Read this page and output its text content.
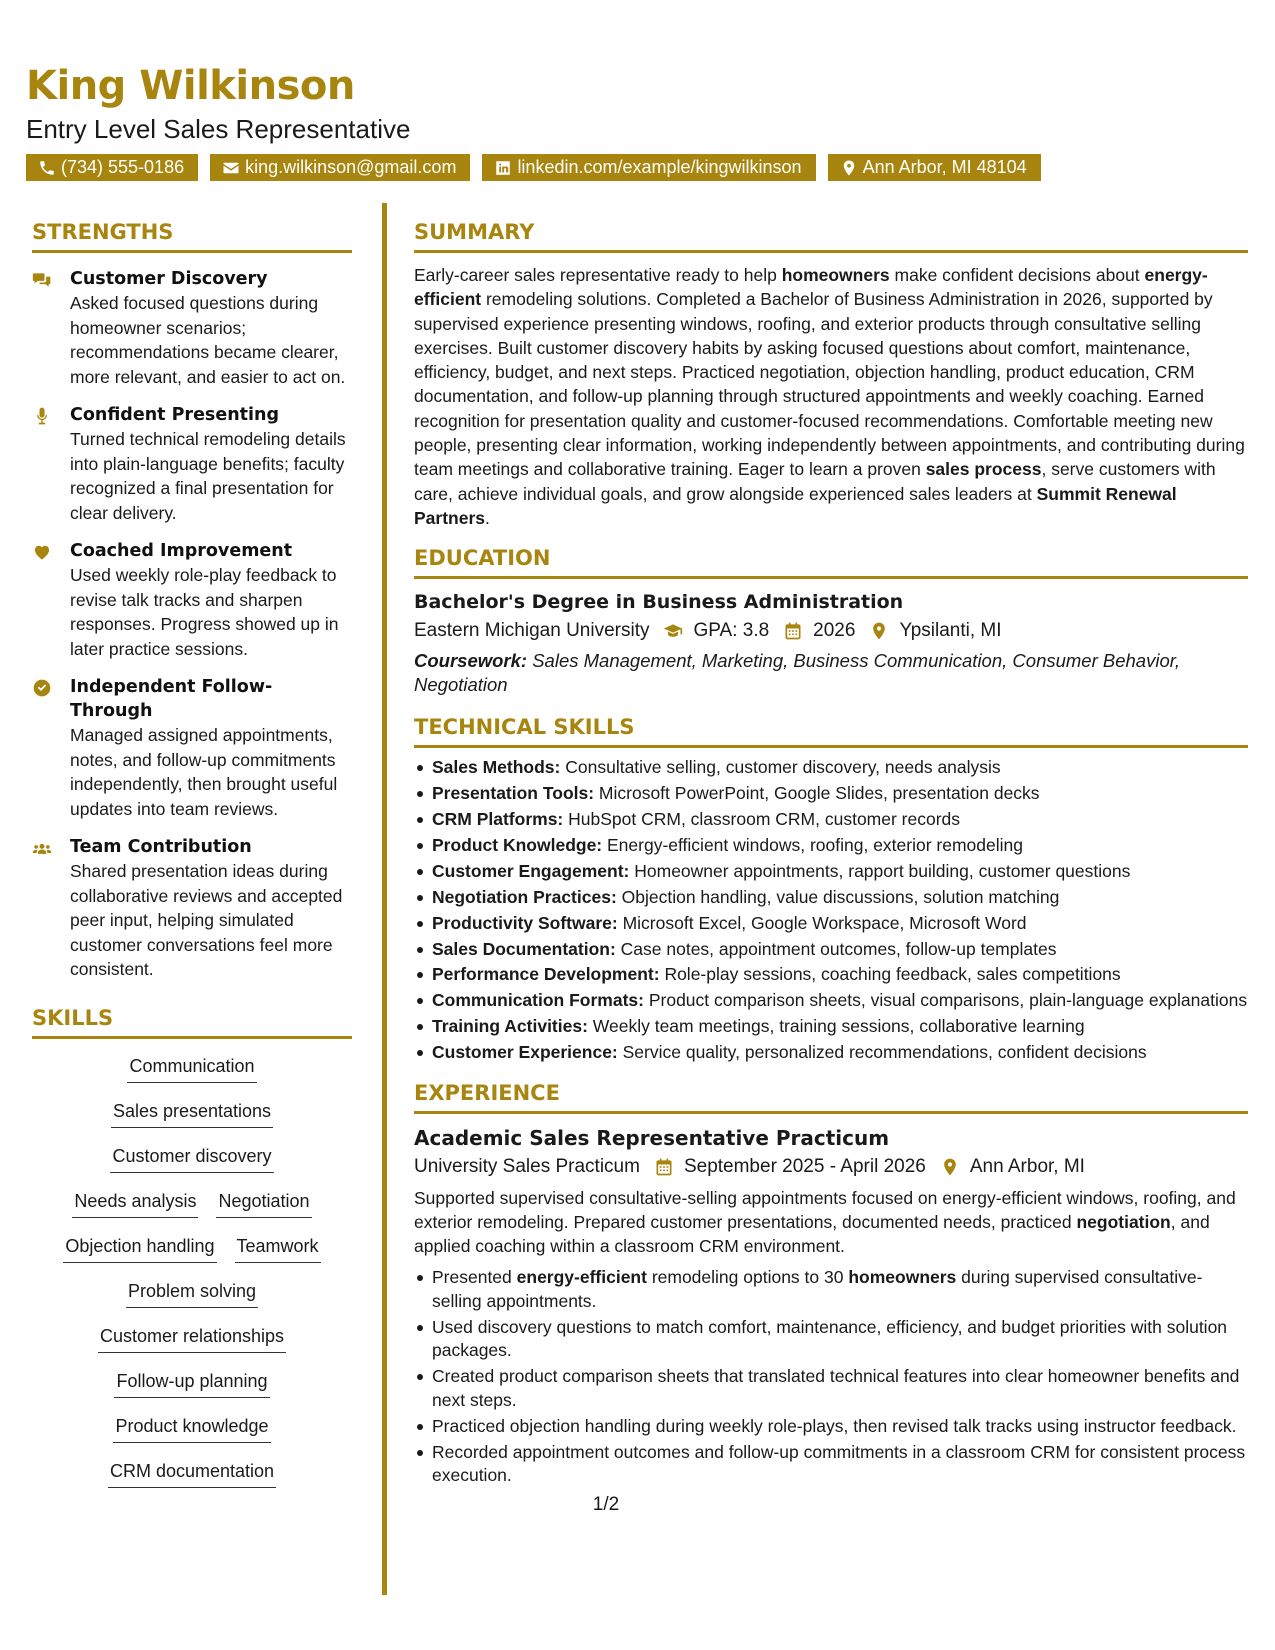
King Wilkinson
Entry Level Sales Representative
(734) 555-0186	king.wilkinson@gmail.com	linkedin.com/example/kingwilkinson	Ann Arbor, MI 48104
STRENGTHS
Customer Discovery
Asked focused questions during homeowner scenarios; recommendations became clearer, more relevant, and easier to act on.
Confident Presenting
Turned technical remodeling details into plain-language benefits; faculty recognized a final presentation for clear delivery.
Coached Improvement
Used weekly role-play feedback to revise talk tracks and sharpen responses. Progress showed up in later practice sessions.
Independent Follow-Through
Managed assigned appointments, notes, and follow-up commitments independently, then brought useful updates into team reviews.
Team Contribution
Shared presentation ideas during collaborative reviews and accepted peer input, helping simulated customer conversations feel more consistent.
SKILLS
Communication
Sales presentations
Customer discovery
Needs analysis Negotiation
Objection handling Teamwork
Problem solving
Customer relationships
Follow-up planning
Product knowledge
CRM documentation
SUMMARY
Early-career sales representative ready to help homeowners make confident decisions about energy-efficient remodeling solutions. Completed a Bachelor of Business Administration in 2026, supported by supervised experience presenting windows, roofing, and exterior products through consultative selling exercises. Built customer discovery habits by asking focused questions about comfort, maintenance, efficiency, budget, and next steps. Practiced negotiation, objection handling, product education, CRM documentation, and follow-up planning through structured appointments and weekly coaching. Earned recognition for presentation quality and customer-focused recommendations. Comfortable meeting new people, presenting clear information, working independently between appointments, and contributing during team meetings and collaborative training. Eager to learn a proven sales process, serve customers with care, achieve individual goals, and grow alongside experienced sales leaders at Summit Renewal Partners.
EDUCATION
Bachelor's Degree in Business Administration
Eastern Michigan University GPA: 3.8 2026 Ypsilanti, MI
Coursework: Sales Management, Marketing, Business Communication, Consumer Behavior, Negotiation
TECHNICAL SKILLS
Sales Methods: Consultative selling, customer discovery, needs analysis
Presentation Tools: Microsoft PowerPoint, Google Slides, presentation decks
CRM Platforms: HubSpot CRM, classroom CRM, customer records
Product Knowledge: Energy-efficient windows, roofing, exterior remodeling
Customer Engagement: Homeowner appointments, rapport building, customer questions
Negotiation Practices: Objection handling, value discussions, solution matching
Productivity Software: Microsoft Excel, Google Workspace, Microsoft Word
Sales Documentation: Case notes, appointment outcomes, follow-up templates
Performance Development: Role-play sessions, coaching feedback, sales competitions
Communication Formats: Product comparison sheets, visual comparisons, plain-language explanations
Training Activities: Weekly team meetings, training sessions, collaborative learning
Customer Experience: Service quality, personalized recommendations, confident decisions
EXPERIENCE
Academic Sales Representative Practicum
University Sales Practicum September 2025 - April 2026 Ann Arbor, MI
Supported supervised consultative-selling appointments focused on energy-efficient windows, roofing, and exterior remodeling. Prepared customer presentations, documented needs, practiced negotiation, and applied coaching within a classroom CRM environment.
Presented energy-efficient remodeling options to 30 homeowners during supervised consultative-selling appointments.
Used discovery questions to match comfort, maintenance, efficiency, and budget priorities with solution packages.
Created product comparison sheets that translated technical features into clear homeowner benefits and next steps.
Practiced objection handling during weekly role-plays, then revised talk tracks using instructor feedback.
Recorded appointment outcomes and follow-up commitments in a classroom CRM for consistent process execution.
1/2
